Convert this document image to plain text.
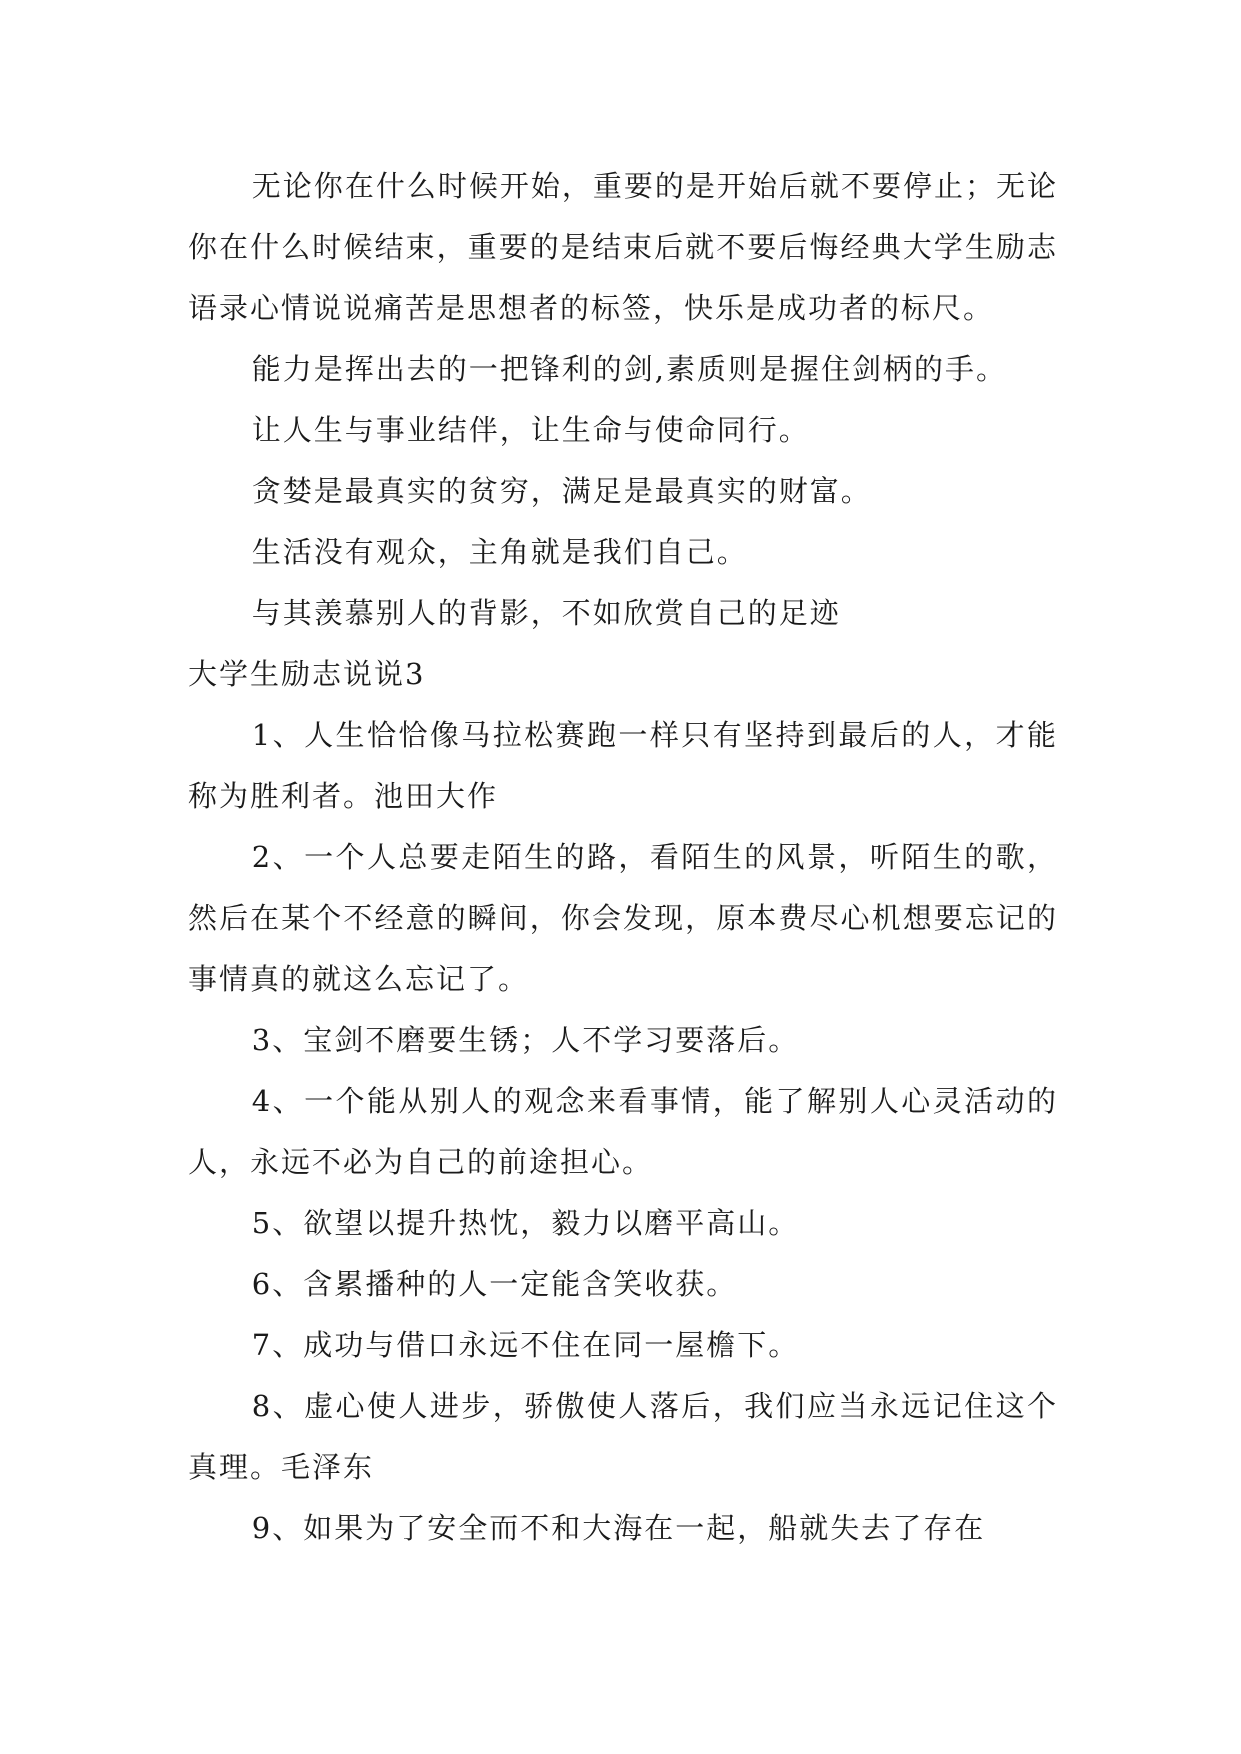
无论你在什么时候开始，重要的是开始后就不要停止；无论你在什么时候结束，重要的是结束后就不要后悔经典大学生励志语录心情说说痛苦是思想者的标签，快乐是成功者的标尺。

能力是挥出去的一把锋利的剑,素质则是握住剑柄的手。

让人生与事业结伴，让生命与使命同行。

贪婪是最真实的贫穷，满足是最真实的财富。

生活没有观众，主角就是我们自己。

与其羡慕别人的背影，不如欣赏自己的足迹

大学生励志说说3

1、人生恰恰像马拉松赛跑一样只有坚持到最后的人，才能称为胜利者。池田大作

2、一个人总要走陌生的路，看陌生的风景，听陌生的歌，然后在某个不经意的瞬间，你会发现，原本费尽心机想要忘记的事情真的就这么忘记了。

3、宝剑不磨要生锈；人不学习要落后。

4、一个能从别人的观念来看事情，能了解别人心灵活动的人，永远不必为自己的前途担心。

5、欲望以提升热忱，毅力以磨平高山。

6、含累播种的人一定能含笑收获。

7、成功与借口永远不住在同一屋檐下。

8、虚心使人进步，骄傲使人落后，我们应当永远记住这个真理。毛泽东

9、如果为了安全而不和大海在一起，船就失去了存在
